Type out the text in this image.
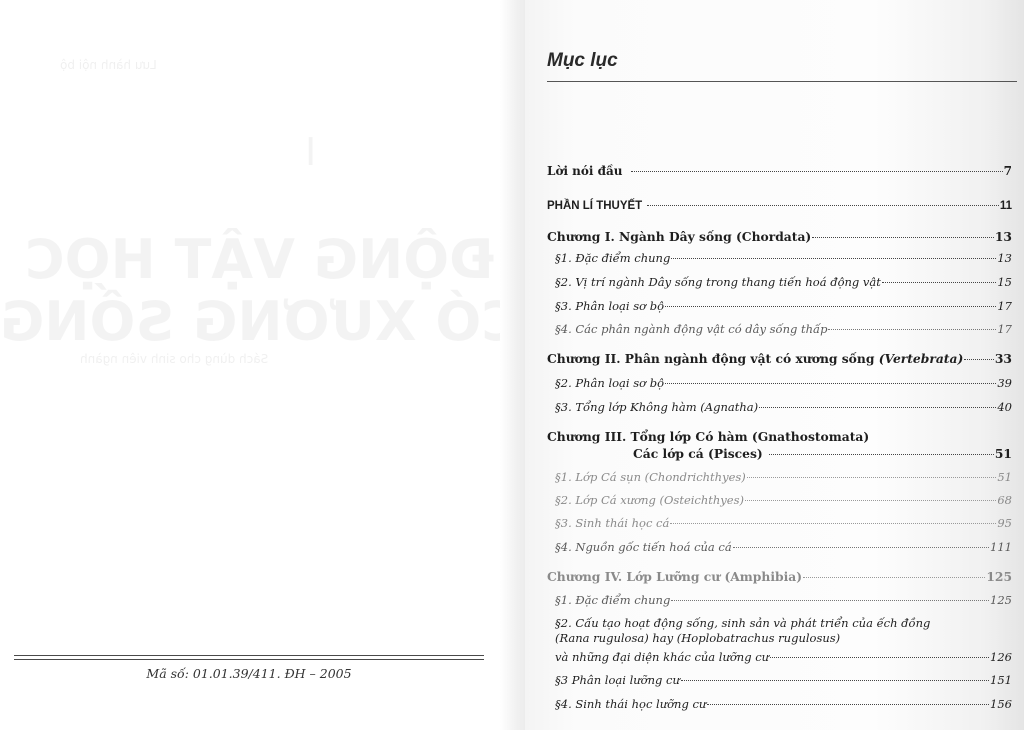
Lưu hành nội bộ
Sách dùng cho sinh viên ngành
Mã số: 01.01.39/411. ĐH – 2005
Mục lục
Lời nói đầu	7
PHẦN LÍ THUYẾT	11
Chương I. Ngành Dây sống (Chordata)	13
§1. Đặc điểm chung	13
§2. Vị trí ngành Dây sống trong thang tiến hoá động vật	15
§3. Phân loại sơ bộ	17
§4. Các phân ngành động vật có dây sống thấp	17
Chương II. Phân ngành động vật có xương sống (Vertebrata)	33
§2. Phân loại sơ bộ	39
§3. Tổng lớp Không hàm (Agnatha)	40
Chương III. Tổng lớp Có hàm (Gnathostomata)
Các lớp cá (Pisces)	51
§1. Lớp Cá sụn (Chondrichthyes)	51
§2. Lớp Cá xương (Osteichthyes)	68
§3. Sinh thái học cá	95
§4. Nguồn gốc tiến hoá của cá	111
Chương IV. Lớp Lưỡng cư (Amphibia)	125
§1. Đặc điểm chung	125
§2. Cấu tạo hoạt động sống, sinh sản và phát triển của ếch đồng
(Rana rugulosa) hay (Hoplobatrachus rugulosus)
và những đại diện khác của lưỡng cư	126
§3 Phân loại lưỡng cư	151
§4. Sinh thái học lưỡng cư	156
